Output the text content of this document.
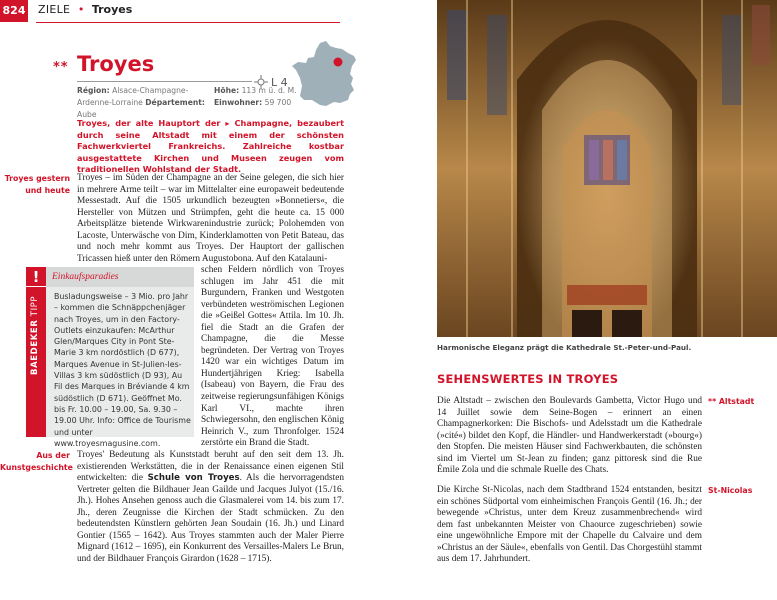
824 ZIELE • Troyes
** Troyes
L 4
Région: Alsace-Champagne-Ardenne-Lorraine Département: Aube
Höhe: 113 m ü. d. M.
Einwohner: 59 700
Troyes, der alte Hauptort der ▸ Champagne, bezaubert durch seine Altstadt mit einem der schönsten Fachwerkviertel Frankreichs. Zahlreiche kostbar ausgestattete Kirchen und Museen zeugen vom traditionellen Wohlstand der Stadt.
Troyes gestern und heute
Troyes – im Süden der Champagne an der Seine gelegen, die sich hier in mehrere Arme teilt – war im Mittelalter eine europaweit bedeutende Messestadt. Auf die 1505 urkundlich bezeugten »Bonnetiers«, die Hersteller von Mützen und Strümpfen, geht die heute ca. 15 000 Arbeitsplätze bietende Wirkwarenindustrie zurück; Polohemden von Lacoste, Unterwäsche von Dim, Kinderklamotten von Petit Bateau, das und noch mehr kommt aus Troyes. Der Hauptort der gallischen Tricassen hieß unter den Römern Augustobona. Auf den Katalauni-
schen Feldern nördlich von Troyes schlugen im Jahr 451 die mit Burgundern, Franken und Westgoten verbündeten weströmischen Legionen die »Geißel Gottes« Attila. Im 10. Jh. fiel die Stadt an die Grafen der Champagne, die die Messe begründeten. Der Vertrag von Troyes 1420 war ein wichtiges Datum im Hundertjährigen Krieg: Isabella (Isabeau) von Bayern, die Frau des zeitweise regierungsunfähigen Königs Karl VI., machte ihren Schwiegersohn, den englischen König Heinrich V., zum Thronfolger. 1524 zerstörte ein Brand die Stadt.
!
BAEDEKER TIPP
Einkaufsparadies
Busladungsweise – 3 Mio. pro Jahr – kommen die Schnäppchenjäger nach Troyes, um in den Factory-Outlets einzukaufen: McArthur Glen/Marques City in Pont Ste-Marie 3 km nordöstlich (D 677), Marques Avenue in St-Julien-les-Villas 3 km südöstlich (D 93), Au Fil des Marques in Bréviande 4 km südöstlich (D 671). Geöffnet Mo. bis Fr. 10.00 – 19.00, Sa. 9.30 – 19.00 Uhr. Info: Office de Tourisme und unter www.troyesmagusine.com.
Aus der Kunstgeschichte
Troyes' Bedeutung als Kunststadt beruht auf den seit dem 13. Jh. existierenden Werkstätten, die in der Renaissance einen eigenen Stil entwickelten: die Schule von Troyes. Als die hervorragendsten Vertreter gelten die Bildhauer Jean Gailde und Jacques Julyot (15./16. Jh.). Hohes Ansehen genoss auch die Glasmalerei vom 14. bis zum 17. Jh., deren Zeugnisse die Kirchen der Stadt schmücken. Zu den bedeutendsten Künstlern gehörten Jean Soudain (16. Jh.) und Linard Gontier (1565 – 1642). Aus Troyes stammten auch der Maler Pierre Mignard (1612 – 1695), ein Konkurrent des Versailles-Malers Le Brun, und der Bildhauer François Girardon (1628 – 1715).
Harmonische Eleganz prägt die Kathedrale St.-Peter-und-Paul.
SEHENSWERTES IN TROYES
Die Altstadt – zwischen den Boulevards Gambetta, Victor Hugo und 14 Juillet sowie dem Seine-Bogen – erinnert an einen Champagnerkorken: Die Bischofs- und Adelsstadt um die Kathedrale (»cité«) bildet den Kopf, die Händler- und Handwerkerstadt (»bourg«) den Stopfen. Die meisten Häuser sind Fachwerkbauten, die schönsten sind im Viertel um St-Jean zu finden; ganz pittoresk sind die Rue Émile Zola und die schmale Ruelle des Chats.
** Altstadt
Die Kirche St-Nicolas, nach dem Stadtbrand 1524 entstanden, besitzt ein schönes Südportal vom einheimischen François Gentil (16. Jh.; der bewegende »Christus, unter dem Kreuz zusammenbrechend« wird dem fast unbekannten Meister von Chaource zugeschrieben) sowie eine ungewöhnliche Empore mit der Chapelle du Calvaire und dem »Christus an der Säule«, ebenfalls von Gentil. Das Chorgestühl stammt aus dem 17. Jahrhundert.
St-Nicolas
